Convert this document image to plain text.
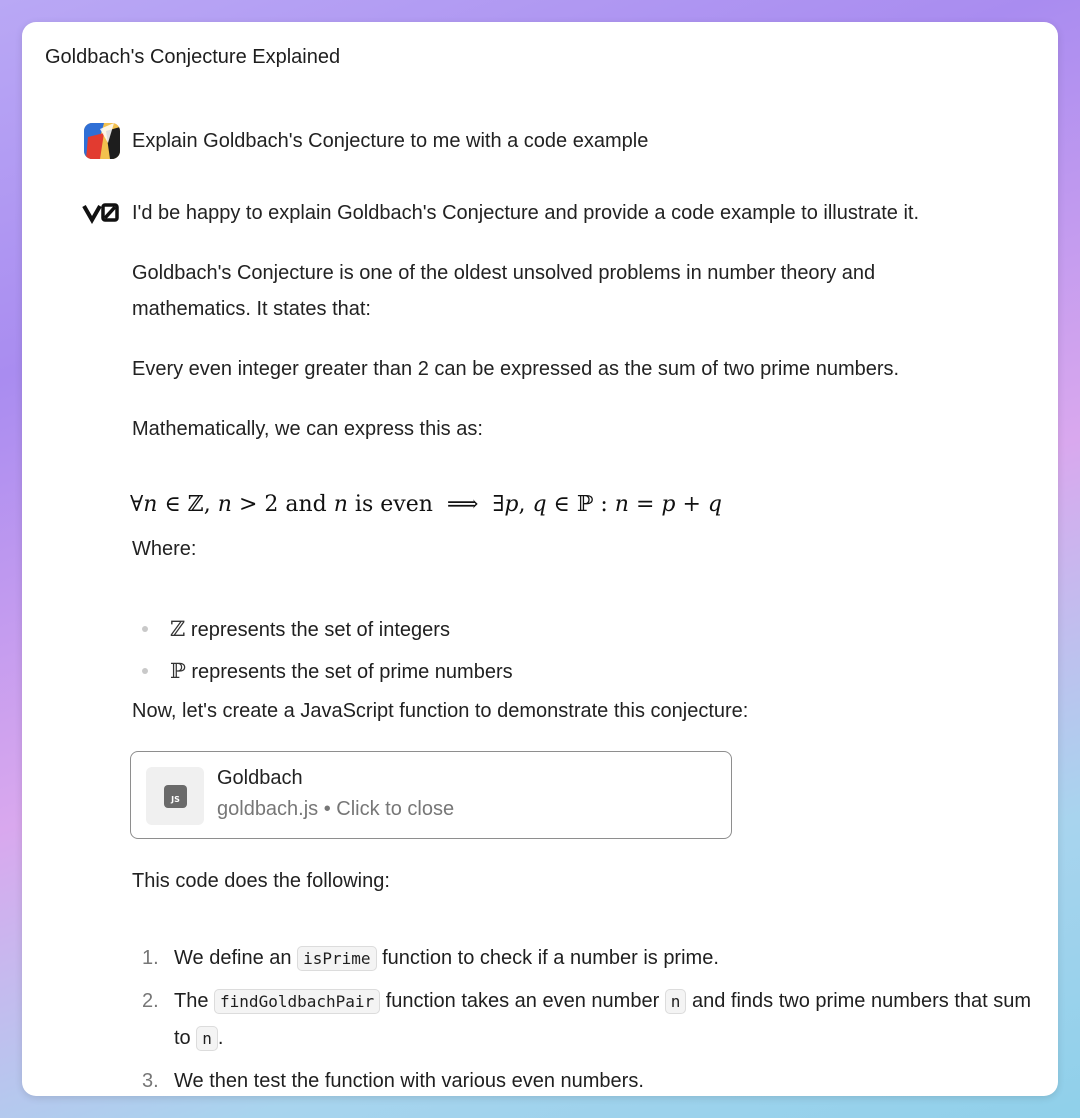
Goldbach's Conjecture Explained
Explain Goldbach's Conjecture to me with a code example
I'd be happy to explain Goldbach's Conjecture and provide a code example to illustrate it.
Goldbach's Conjecture is one of the oldest unsolved problems in number theory and mathematics. It states that:
Every even integer greater than 2 can be expressed as the sum of two prime numbers.
Mathematically, we can express this as:
∀n ∈ ℤ, n > 2 and n is even ⟹ ∃p, q ∈ ℙ : n = p + q
Where:
ℤ represents the set of integers
ℙ represents the set of prime numbers
Now, let's create a JavaScript function to demonstrate this conjecture:
JS
Goldbach
goldbach.js • Click to close
This code does the following:
1. We define an isPrime function to check if a number is prime.
2. The findGoldbachPair function takes an even number n and finds two prime numbers that sum to n .
3. We then test the function with various even numbers.
